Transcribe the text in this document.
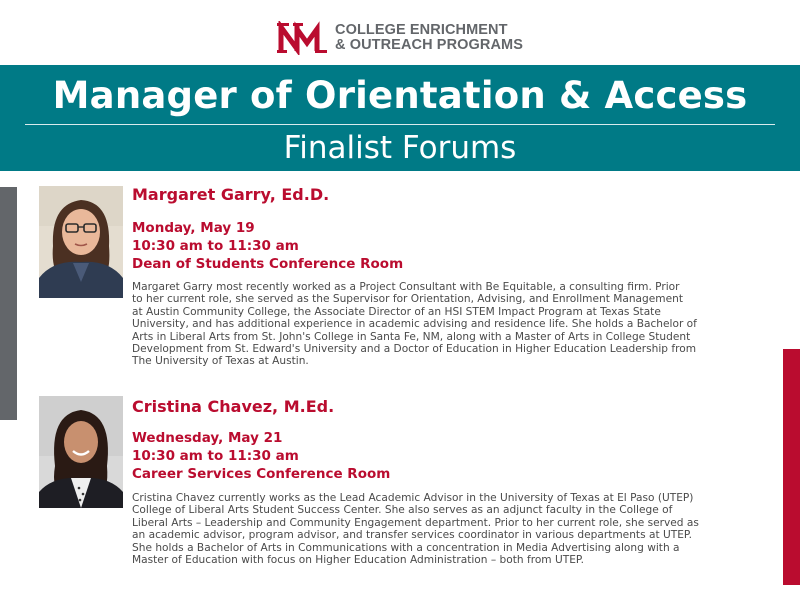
COLLEGE ENRICHMENT
& OUTREACH PROGRAMS
Manager of Orientation & Access
Finalist Forums
Margaret Garry, Ed.D.
Monday, May 19
10:30 am to 11:30 am
Dean of Students Conference Room
Margaret Garry most recently worked as a Project Consultant with Be Equitable, a consulting firm. Prior
to her current role, she served as the Supervisor for Orientation, Advising, and Enrollment Management
at Austin Community College, the Associate Director of an HSI STEM Impact Program at Texas State
University, and has additional experience in academic advising and residence life. She holds a Bachelor of
Arts in Liberal Arts from St. John's College in Santa Fe, NM, along with a Master of Arts in College Student
Development from St. Edward's University and a Doctor of Education in Higher Education Leadership from
The University of Texas at Austin.
Cristina Chavez, M.Ed.
Wednesday, May 21
10:30 am to 11:30 am
Career Services Conference Room
Cristina Chavez currently works as the Lead Academic Advisor in the University of Texas at El Paso (UTEP)
College of Liberal Arts Student Success Center. She also serves as an adjunct faculty in the College of
Liberal Arts – Leadership and Community Engagement department. Prior to her current role, she served as
an academic advisor, program advisor, and transfer services coordinator in various departments at UTEP.
She holds a Bachelor of Arts in Communications with a concentration in Media Advertising along with a
Master of Education with focus on Higher Education Administration – both from UTEP.
